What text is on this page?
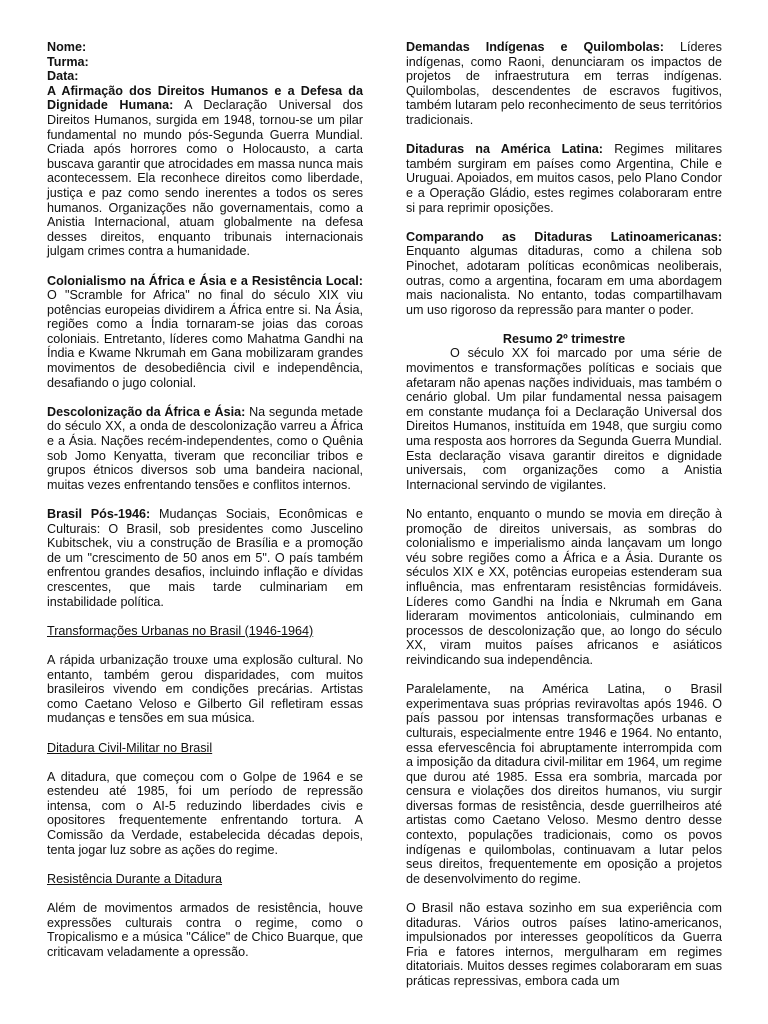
Nome:

Turma:

Data:

A Afirmação dos Direitos Humanos e a Defesa da Dignidade Humana: A Declaração Universal dos Direitos Humanos, surgida em 1948, tornou-se um pilar fundamental no mundo pós-Segunda Guerra Mundial. Criada após horrores como o Holocausto, a carta buscava garantir que atrocidades em massa nunca mais acontecessem. Ela reconhece direitos como liberdade, justiça e paz como sendo inerentes a todos os seres humanos. Organizações não governamentais, como a Anistia Internacional, atuam globalmente na defesa desses direitos, enquanto tribunais internacionais julgam crimes contra a humanidade.

Colonialismo na África e Ásia e a Resistência Local: O "Scramble for Africa" no final do século XIX viu potências europeias dividirem a África entre si. Na Ásia, regiões como a Índia tornaram-se joias das coroas coloniais. Entretanto, líderes como Mahatma Gandhi na Índia e Kwame Nkrumah em Gana mobilizaram grandes movimentos de desobediência civil e independência, desafiando o jugo colonial.

Descolonização da África e Ásia: Na segunda metade do século XX, a onda de descolonização varreu a África e a Ásia. Nações recém-independentes, como o Quênia sob Jomo Kenyatta, tiveram que reconciliar tribos e grupos étnicos diversos sob uma bandeira nacional, muitas vezes enfrentando tensões e conflitos internos.

Brasil Pós-1946: Mudanças Sociais, Econômicas e Culturais: O Brasil, sob presidentes como Juscelino Kubitschek, viu a construção de Brasília e a promoção de um "crescimento de 50 anos em 5". O país também enfrentou grandes desafios, incluindo inflação e dívidas crescentes, que mais tarde culminariam em instabilidade política.

Transformações Urbanas no Brasil (1946-1964)

A rápida urbanização trouxe uma explosão cultural. No entanto, também gerou disparidades, com muitos brasileiros vivendo em condições precárias. Artistas como Caetano Veloso e Gilberto Gil refletiram essas mudanças e tensões em sua música.

Ditadura Civil-Militar no Brasil

A ditadura, que começou com o Golpe de 1964 e se estendeu até 1985, foi um período de repressão intensa, com o AI-5 reduzindo liberdades civis e opositores frequentemente enfrentando tortura. A Comissão da Verdade, estabelecida décadas depois, tenta jogar luz sobre as ações do regime.

Resistência Durante a Ditadura

Além de movimentos armados de resistência, houve expressões culturais contra o regime, como o Tropicalismo e a música "Cálice" de Chico Buarque, que criticavam veladamente a opressão.

Demandas Indígenas e Quilombolas: Líderes indígenas, como Raoni, denunciaram os impactos de projetos de infraestrutura em terras indígenas. Quilombolas, descendentes de escravos fugitivos, também lutaram pelo reconhecimento de seus territórios tradicionais.

Ditaduras na América Latina: Regimes militares também surgiram em países como Argentina, Chile e Uruguai. Apoiados, em muitos casos, pelo Plano Condor e a Operação Gládio, estes regimes colaboraram entre si para reprimir oposições.

Comparando as Ditaduras Latinoamericanas: Enquanto algumas ditaduras, como a chilena sob Pinochet, adotaram políticas econômicas neoliberais, outras, como a argentina, focaram em uma abordagem mais nacionalista. No entanto, todas compartilhavam um uso rigoroso da repressão para manter o poder.

Resumo 2º trimestre

O século XX foi marcado por uma série de movimentos e transformações políticas e sociais que afetaram não apenas nações individuais, mas também o cenário global. Um pilar fundamental nessa paisagem em constante mudança foi a Declaração Universal dos Direitos Humanos, instituída em 1948, que surgiu como uma resposta aos horrores da Segunda Guerra Mundial. Esta declaração visava garantir direitos e dignidade universais, com organizações como a Anistia Internacional servindo de vigilantes.

No entanto, enquanto o mundo se movia em direção à promoção de direitos universais, as sombras do colonialismo e imperialismo ainda lançavam um longo véu sobre regiões como a África e a Ásia. Durante os séculos XIX e XX, potências europeias estenderam sua influência, mas enfrentaram resistências formidáveis. Líderes como Gandhi na Índia e Nkrumah em Gana lideraram movimentos anticoloniais, culminando em processos de descolonização que, ao longo do século XX, viram muitos países africanos e asiáticos reivindicando sua independência.

Paralelamente, na América Latina, o Brasil experimentava suas próprias reviravoltas após 1946. O país passou por intensas transformações urbanas e culturais, especialmente entre 1946 e 1964. No entanto, essa efervescência foi abruptamente interrompida com a imposição da ditadura civil-militar em 1964, um regime que durou até 1985. Essa era sombria, marcada por censura e violações dos direitos humanos, viu surgir diversas formas de resistência, desde guerrilheiros até artistas como Caetano Veloso. Mesmo dentro desse contexto, populações tradicionais, como os povos indígenas e quilombolas, continuavam a lutar pelos seus direitos, frequentemente em oposição a projetos de desenvolvimento do regime.

O Brasil não estava sozinho em sua experiência com ditaduras. Vários outros países latino-americanos, impulsionados por interesses geopolíticos da Guerra Fria e fatores internos, mergulharam em regimes ditatoriais. Muitos desses regimes colaboraram em suas práticas repressivas, embora cada um
